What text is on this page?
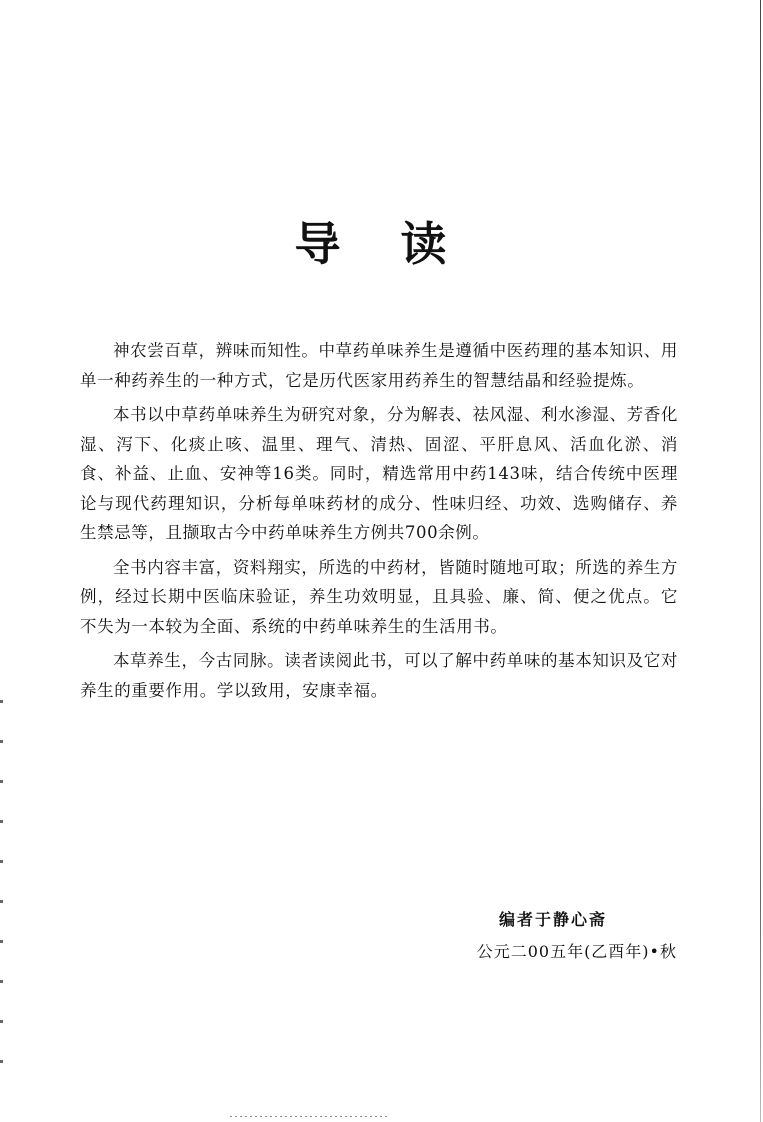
导 读

神农尝百草，辨味而知性。中草药单味养生是遵循中医药理的基本知识、用单一种药养生的一种方式，它是历代医家用药养生的智慧结晶和经验提炼。

本书以中草药单味养生为研究对象，分为解表、祛风湿、利水渗湿、芳香化湿、泻下、化痰止咳、温里、理气、清热、固涩、平肝息风、活血化淤、消食、补益、止血、安神等16类。同时，精选常用中药143味，结合传统中医理论与现代药理知识，分析每单味药材的成分、性味归经、功效、选购储存、养生禁忌等，且撷取古今中药单味养生方例共700余例。

全书内容丰富，资料翔实，所选的中药材，皆随时随地可取；所选的养生方例，经过长期中医临床验证，养生功效明显，且具验、廉、简、便之优点。它不失为一本较为全面、系统的中药单味养生的生活用书。

本草养生，今古同脉。读者读阅此书，可以了解中药单味的基本知识及它对养生的重要作用。学以致用，安康幸福。

编者于静心斋
公元二00五年(乙酉年)•秋
